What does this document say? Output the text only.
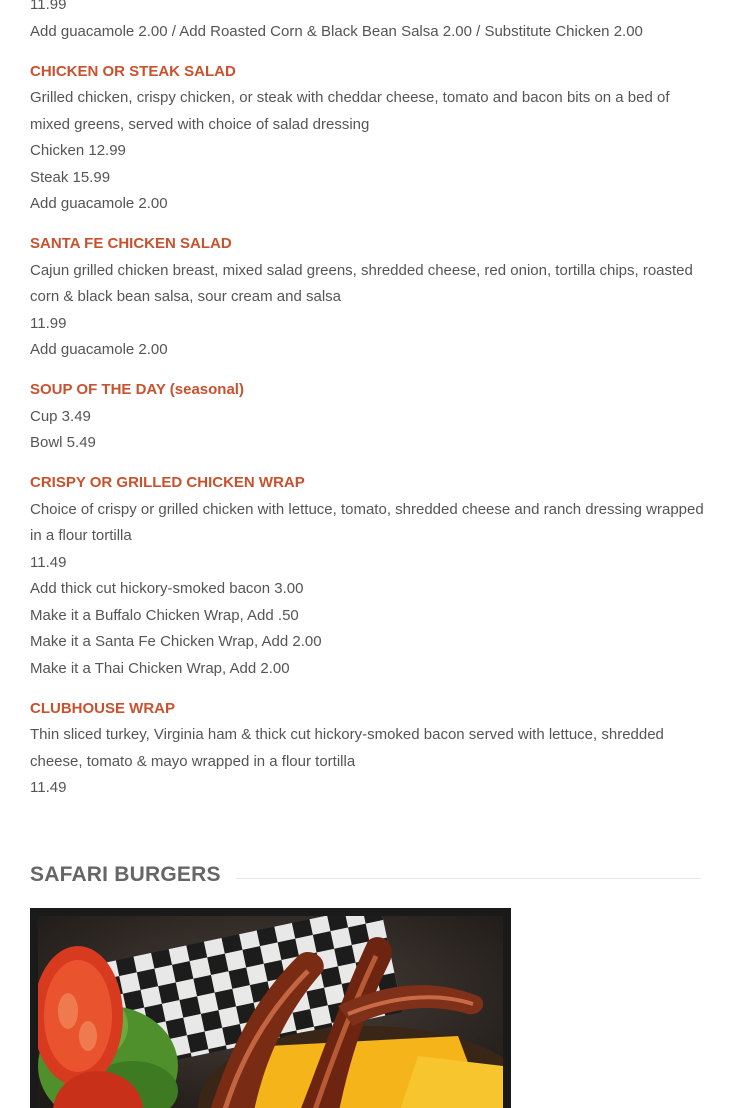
11.99

Add guacamole 2.00 / Add Roasted Corn & Black Bean Salsa 2.00 / Substitute Chicken 2.00

CHICKEN OR STEAK SALAD

Grilled chicken, crispy chicken, or steak with cheddar cheese, tomato and bacon bits on a bed of mixed greens, served with choice of salad dressing

Chicken 12.99

Steak 15.99

Add guacamole 2.00

SANTA FE CHICKEN SALAD

Cajun grilled chicken breast, mixed salad greens, shredded cheese, red onion, tortilla chips, roasted corn & black bean salsa, sour cream and salsa

11.99

Add guacamole 2.00

SOUP OF THE DAY (seasonal)

Cup 3.49

Bowl 5.49

CRISPY OR GRILLED CHICKEN WRAP

Choice of crispy or grilled chicken with lettuce, tomato, shredded cheese and ranch dressing wrapped in a flour tortilla

11.49

Add thick cut hickory-smoked bacon 3.00

Make it a Buffalo Chicken Wrap, Add .50

Make it a Santa Fe Chicken Wrap, Add 2.00

Make it a Thai Chicken Wrap, Add 2.00

CLUBHOUSE WRAP

Thin sliced turkey, Virginia ham & thick cut hickory-smoked bacon served with lettuce, shredded cheese, tomato & mayo wrapped in a flour tortilla

11.49

SAFARI BURGERS
